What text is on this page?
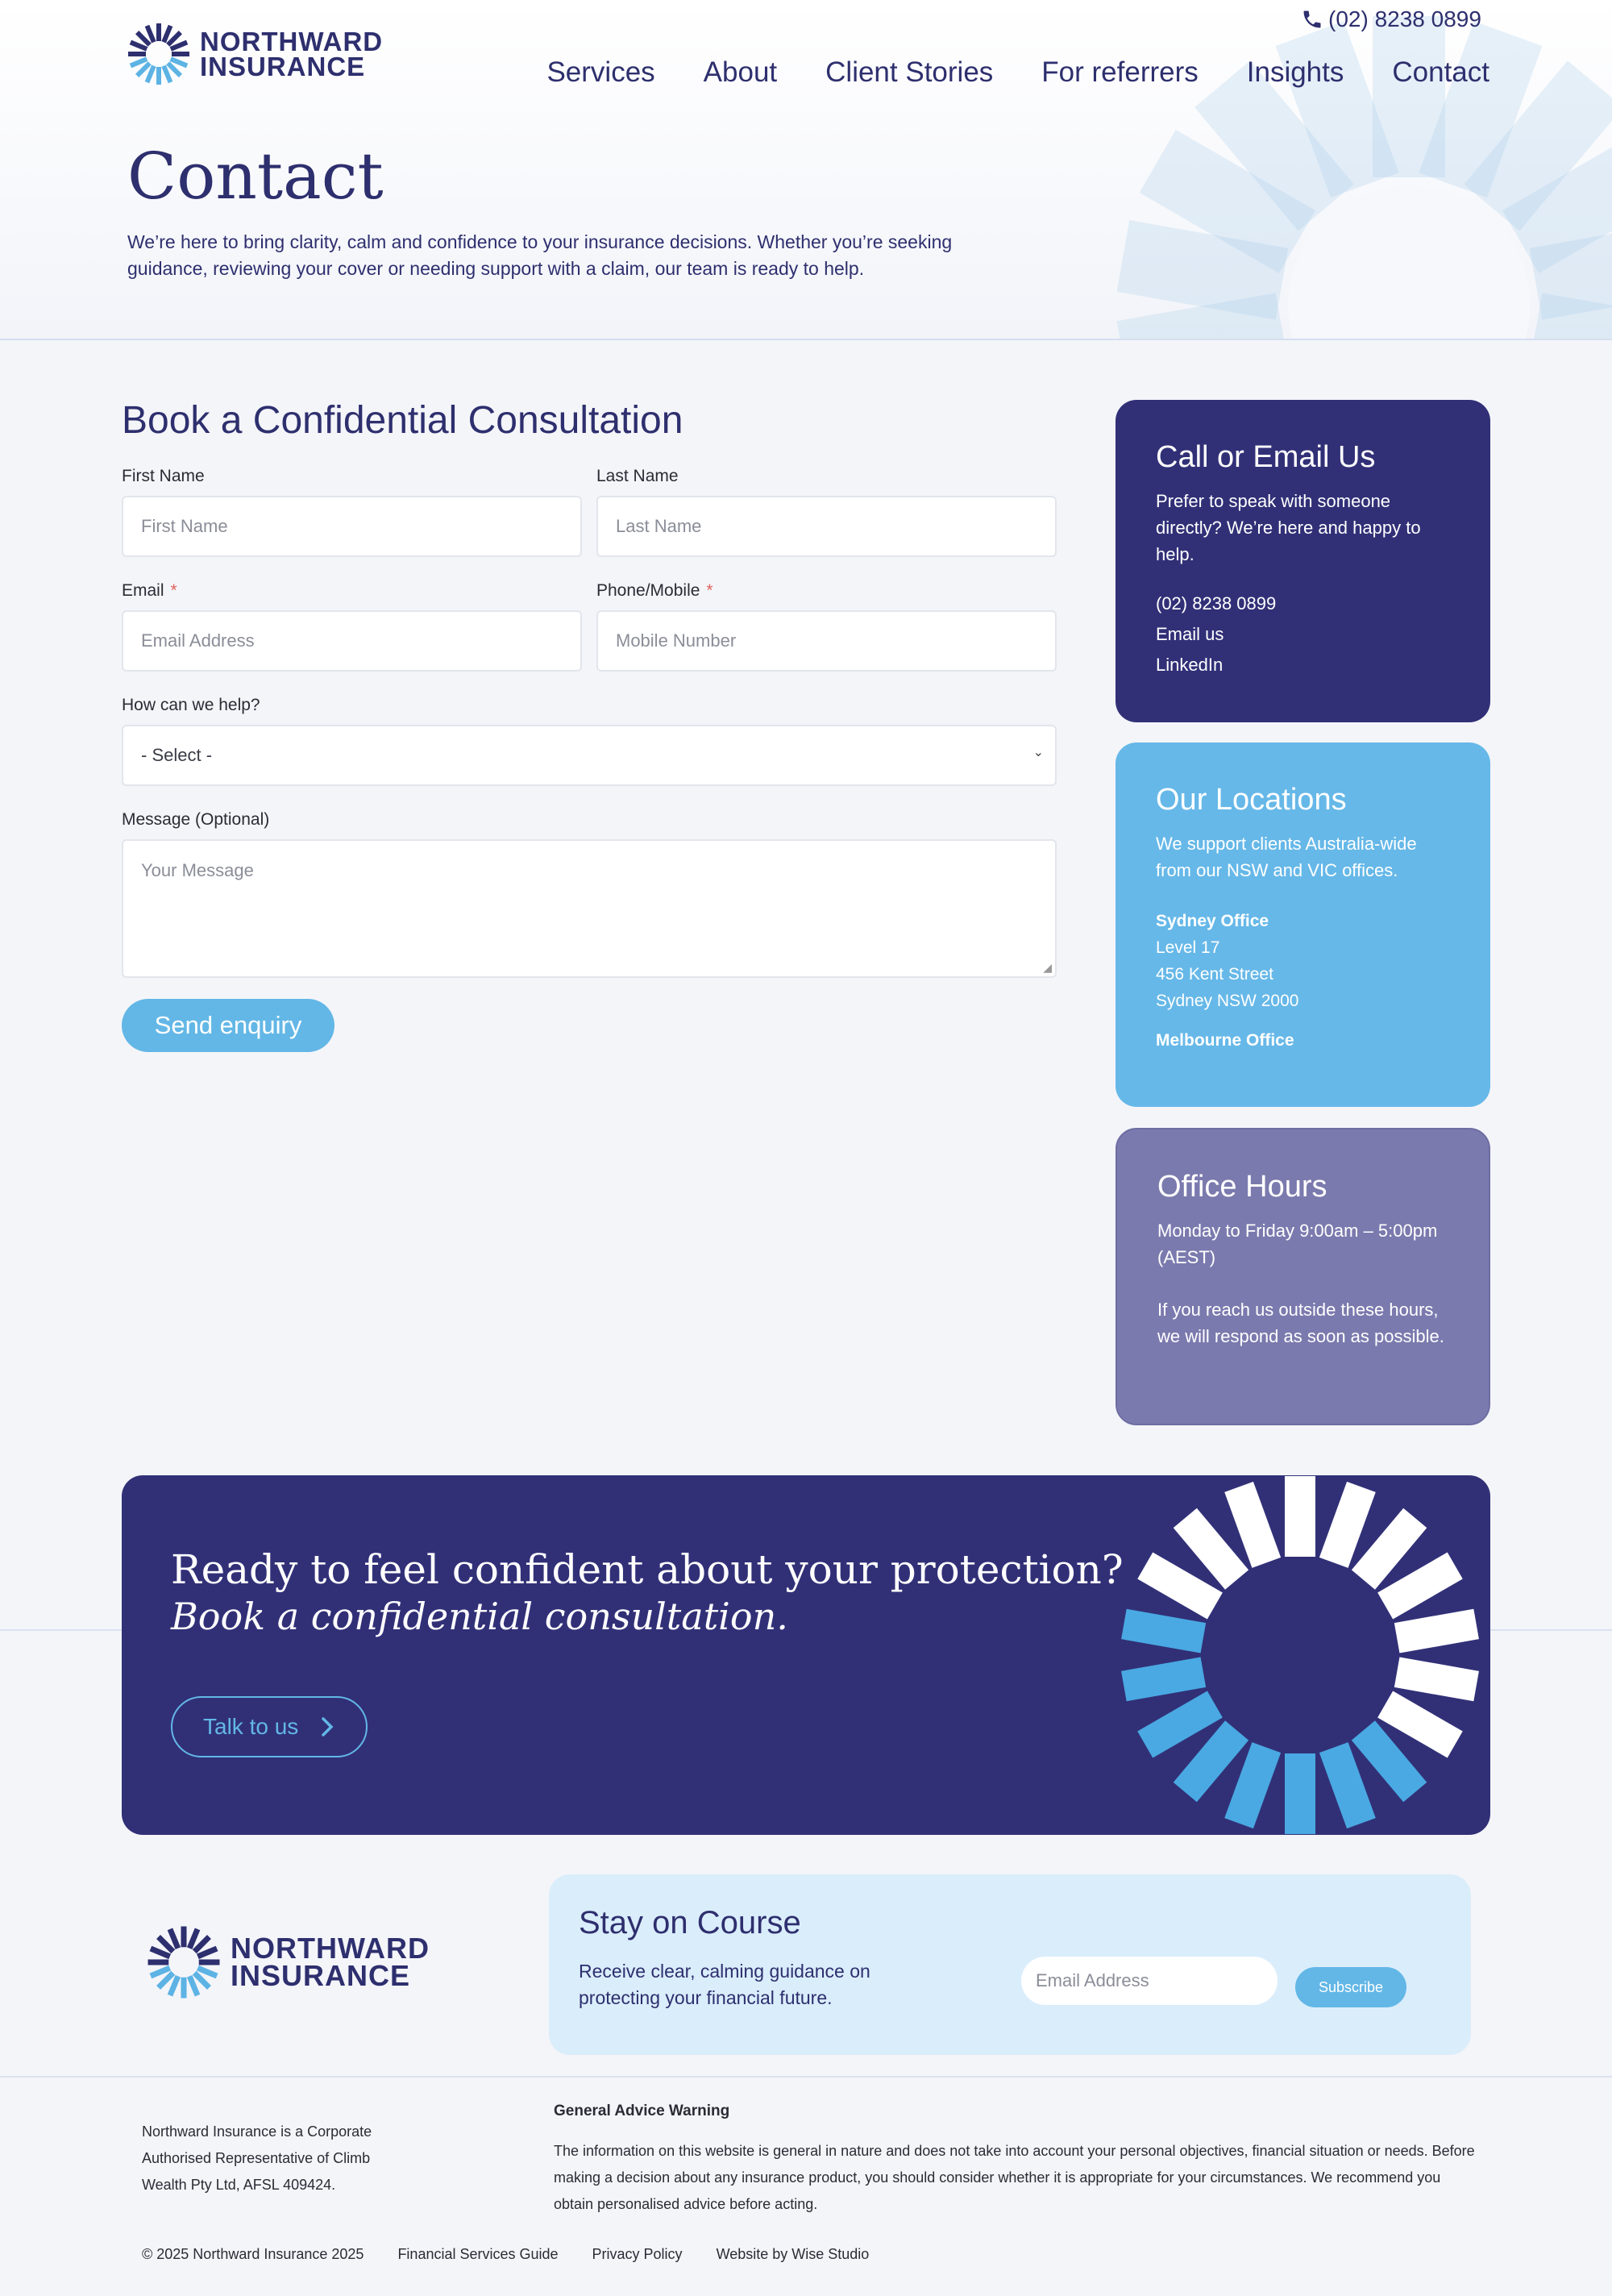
NORTHWARD
INSURANCE
(02) 8238 0899
Services About Client Stories For referrers Insights Contact
Contact

We’re here to bring clarity, calm and confidence to your insurance decisions. Whether you’re seeking guidance, reviewing your cover or needing support with a claim, our team is ready to help.

Book a Confidential Consultation
First Name
First Name
Last Name
Last Name
Email *
Email Address
Phone/Mobile *
Mobile Number
How can we help?
- Select -	⌄
Message (Optional)
Your Message
◢
Send enquiry
Call or Email Us

Prefer to speak with someone directly? We’re here and happy to help.

(02) 8238 0899
Email us
LinkedIn
Our Locations

We support clients Australia-wide from our NSW and VIC offices.

Sydney Office
Level 17
456 Kent Street
Sydney NSW 2000
Melbourne Office
Office Hours

Monday to Friday 9:00am – 5:00pm (AEST)

If you reach us outside these hours, we will respond as soon as possible.

Ready to feel confident about your protection?
Book a confidential consultation.
Talk to us
NORTHWARD
INSURANCE
Stay on Course

Receive clear, calming guidance on protecting your financial future.

Email Address	Subscribe

Northward Insurance is a Corporate Authorised Representative of Climb Wealth Pty Ltd, AFSL 409424.

General Advice Warning

The information on this website is general in nature and does not take into account your personal objectives, financial situation or needs. Before making a decision about any insurance product, you should consider whether it is appropriate for your circumstances. We recommend you obtain personalised advice before acting.

© 2025 Northward Insurance 2025 Financial Services Guide Privacy Policy Website by Wise Studio
